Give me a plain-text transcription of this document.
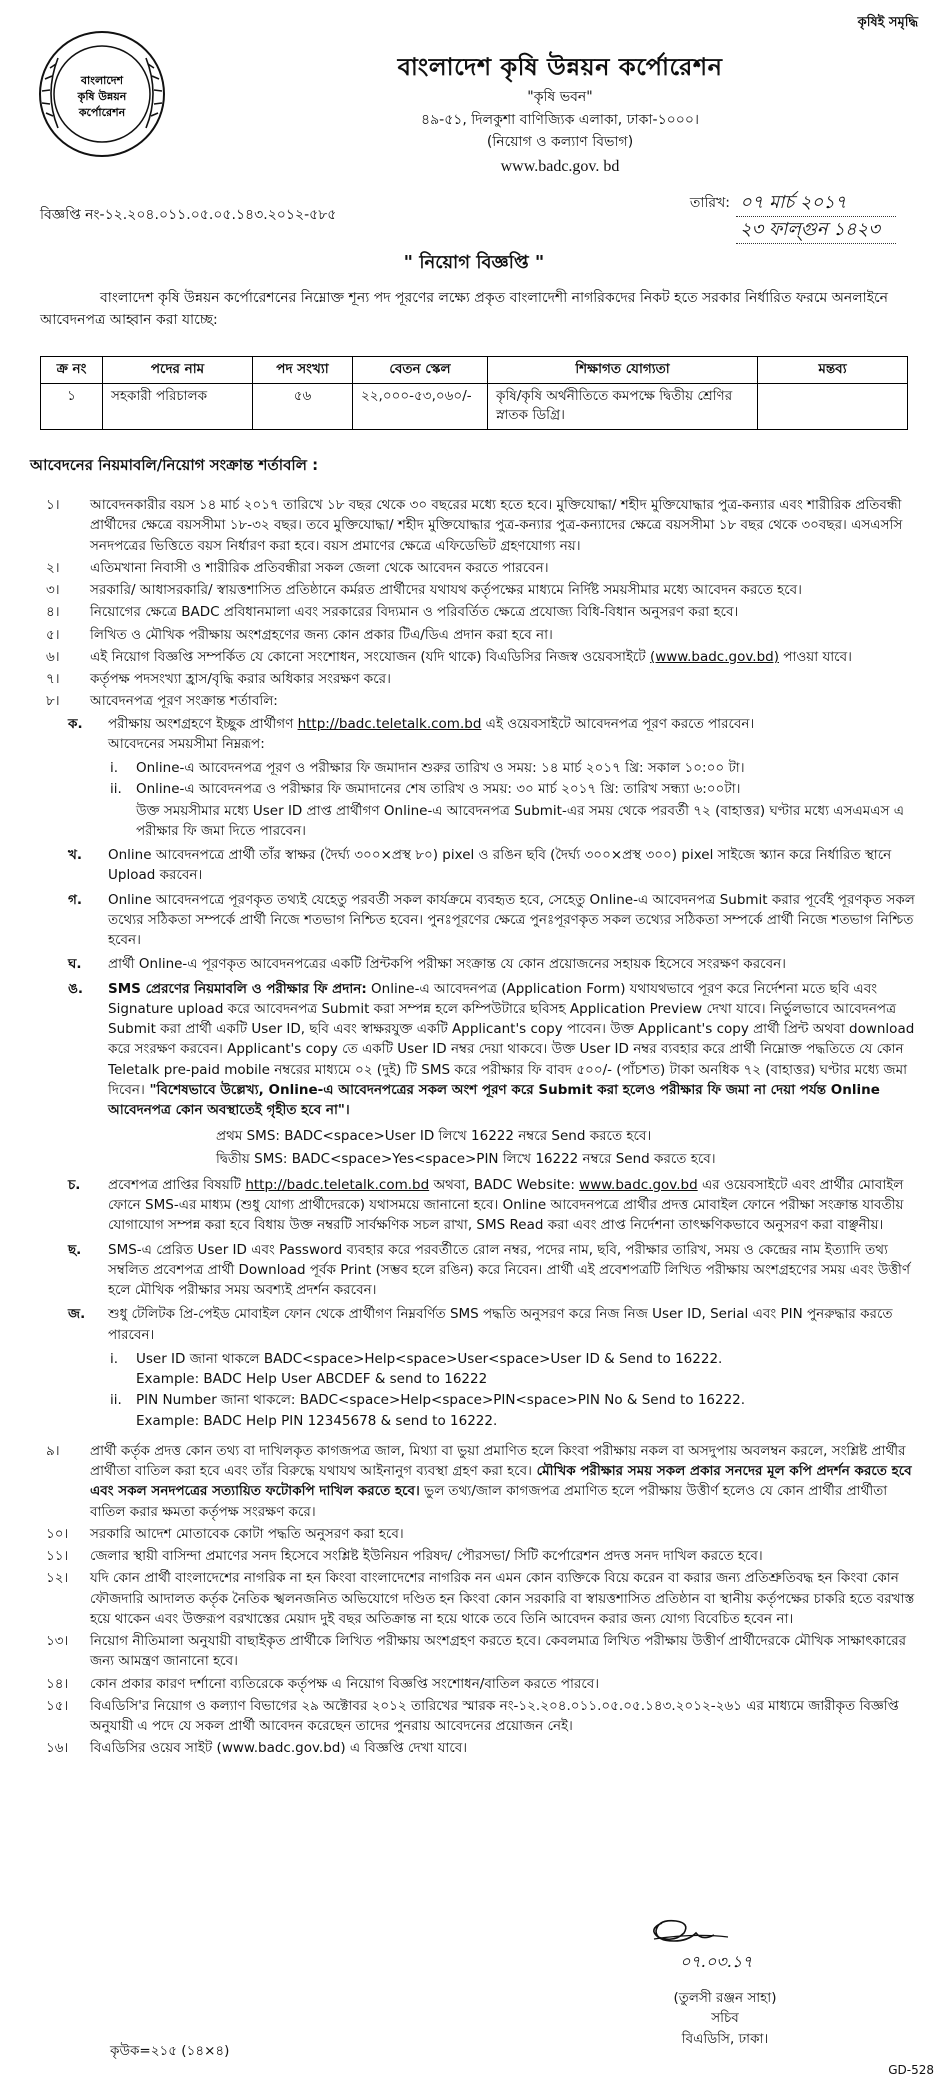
বাংলাদেশ
কৃষি উন্নয়ন
কর্পোরেশন
কৃষিই সমৃদ্ধি
বাংলাদেশ কৃষি উন্নয়ন কর্পোরেশন
"কৃষি ভবন"
৪৯-৫১, দিলকুশা বাণিজ্যিক এলাকা, ঢাকা-১০০০।
(নিয়োগ ও কল্যাণ বিভাগ)
www.badc.gov. bd
বিজ্ঞপ্তি নং-১২.২০৪.০১১.০৫.০৫.১৪৩.২০১২-৫৮৫
তারিখ: ০৭ মার্চ ২০১৭
২৩ ফাল্গুন ১৪২৩
" নিয়োগ বিজ্ঞপ্তি "
বাংলাদেশ কৃষি উন্নয়ন কর্পোরেশনের নিম্নোক্ত শূন্য পদ পূরণের লক্ষ্যে প্রকৃত বাংলাদেশী নাগরিকদের নিকট হতে সরকার নির্ধারিত ফরমে অনলাইনে আবেদনপত্র আহ্বান করা যাচ্ছে:
ক্র নং	পদের নাম	পদ সংখ্যা	বেতন স্কেল	শিক্ষাগত যোগ্যতা	মন্তব্য
১	সহকারী পরিচালক	৫৬	২২,০০০-৫৩,০৬০/-	কৃষি/কৃষি অর্থনীতিতে কমপক্ষে দ্বিতীয় শ্রেণির স্নাতক ডিগ্রি।	
আবেদনের নিয়মাবলি/নিয়োগ সংক্রান্ত শর্তাবলি :
১।	আবেদনকারীর বয়স ১৪ মার্চ ২০১৭ তারিখে ১৮ বছর থেকে ৩০ বছরের মধ্যে হতে হবে। মুক্তিযোদ্ধা/ শহীদ মুক্তিযোদ্ধার পুত্র-কন্যার এবং শারীরিক প্রতিবন্ধী প্রার্থীদের ক্ষেত্রে বয়সসীমা ১৮-৩২ বছর। তবে মুক্তিযোদ্ধা/ শহীদ মুক্তিযোদ্ধার পুত্র-কন্যার পুত্র-কন্যাদের ক্ষেত্রে বয়সসীমা ১৮ বছর থেকে ৩০বছর। এসএসসি সনদপত্রের ভিত্তিতে বয়স নির্ধারণ করা হবে। বয়স প্রমাণের ক্ষেত্রে এফিডেভিট গ্রহণযোগ্য নয়।
২।	এতিমখানা নিবাসী ও শারীরিক প্রতিবন্ধীরা সকল জেলা থেকে আবেদন করতে পারবেন।
৩।	সরকারি/ আধাসরকারি/ স্বায়ত্তশাসিত প্রতিষ্ঠানে কর্মরত প্রার্থীদের যথাযথ কর্তৃপক্ষের মাধ্যমে নির্দিষ্ট সময়সীমার মধ্যে আবেদন করতে হবে।
৪।	নিয়োগের ক্ষেত্রে BADC প্রবিধানমালা এবং সরকারের বিদ্যমান ও পরিবর্তিত ক্ষেত্রে প্রযোজ্য বিধি-বিধান অনুসরণ করা হবে।
৫।	লিখিত ও মৌখিক পরীক্ষায় অংশগ্রহণের জন্য কোন প্রকার টিএ/ডিএ প্রদান করা হবে না।
৬।	এই নিয়োগ বিজ্ঞপ্তি সম্পর্কিত যে কোনো সংশোধন, সংযোজন (যদি থাকে) বিএডিসির নিজস্ব ওয়েবসাইটে (www.badc.gov.bd) পাওয়া যাবে।
৭।	কর্তৃপক্ষ পদসংখ্যা হ্রাস/বৃদ্ধি করার অধিকার সংরক্ষণ করে।
৮।	আবেদনপত্র পূরণ সংক্রান্ত শর্তাবলি:
ক.	পরীক্ষায় অংশগ্রহণে ইচ্ছুক প্রার্থীগণ http://badc.teletalk.com.bd এই ওয়েবসাইটে আবেদনপত্র পূরণ করতে পারবেন।
আবেদনের সময়সীমা নিম্নরূপ:
i.	Online-এ আবেদনপত্র পূরণ ও পরীক্ষার ফি জমাদান শুরুর তারিখ ও সময়: ১৪ মার্চ ২০১৭ খ্রি: সকাল ১০:০০ টা।
ii.	Online-এ আবেদনপত্র ও পরীক্ষার ফি জমাদানের শেষ তারিখ ও সময়: ৩০ মার্চ ২০১৭ খ্রি: তারিখ সন্ধ্যা ৬:০০টা।
উক্ত সময়সীমার মধ্যে User ID প্রাপ্ত প্রার্থীগণ Online-এ আবেদনপত্র Submit-এর সময় থেকে পরবর্তী ৭২ (বাহাত্তর) ঘণ্টার মধ্যে এসএমএস এ পরীক্ষার ফি জমা দিতে পারবেন।
খ.	Online আবেদনপত্রে প্রার্থী তাঁর স্বাক্ষর (দৈর্ঘ্য ৩০০×প্রস্থ ৮০) pixel ও রঙিন ছবি (দৈর্ঘ্য ৩০০×প্রস্থ ৩০০) pixel সাইজে স্ক্যান করে নির্ধারিত স্থানে Upload করবেন।
গ.	Online আবেদনপত্রে পূরণকৃত তথ্যই যেহেতু পরবর্তী সকল কার্যক্রমে ব্যবহৃত হবে, সেহেতু Online-এ আবেদনপত্র Submit করার পূর্বেই পূরণকৃত সকল তথ্যের সঠিকতা সম্পর্কে প্রার্থী নিজে শতভাগ নিশ্চিত হবেন। পুনঃপূরণের ক্ষেত্রে পুনঃপূরণকৃত সকল তথ্যের সঠিকতা সম্পর্কে প্রার্থী নিজে শতভাগ নিশ্চিত হবেন।
ঘ.	প্রার্থী Online-এ পূরণকৃত আবেদনপত্রের একটি প্রিন্টকপি পরীক্ষা সংক্রান্ত যে কোন প্রয়োজনের সহায়ক হিসেবে সংরক্ষণ করবেন।
ঙ.	SMS প্রেরণের নিয়মাবলি ও পরীক্ষার ফি প্রদান: Online-এ আবেদনপত্র (Application Form) যথাযথভাবে পূরণ করে নির্দেশনা মতে ছবি এবং Signature upload করে আবেদনপত্র Submit করা সম্পন্ন হলে কম্পিউটারে ছবিসহ Application Preview দেখা যাবে। নির্ভুলভাবে আবেদনপত্র Submit করা প্রার্থী একটি User ID, ছবি এবং স্বাক্ষরযুক্ত একটি Applicant's copy পাবেন। উক্ত Applicant's copy প্রার্থী প্রিন্ট অথবা download করে সংরক্ষণ করবেন। Applicant's copy তে একটি User ID নম্বর দেয়া থাকবে। উক্ত User ID নম্বর ব্যবহার করে প্রার্থী নিম্নোক্ত পদ্ধতিতে যে কোন Teletalk pre-paid mobile নম্বরের মাধ্যমে ০২ (দুই) টি SMS করে পরীক্ষার ফি বাবদ ৫০০/- (পাঁচশত) টাকা অনধিক ৭২ (বাহাত্তর) ঘণ্টার মধ্যে জমা দিবেন। "বিশেষভাবে উল্লেখ্য, Online-এ আবেদনপত্রের সকল অংশ পূরণ করে Submit করা হলেও পরীক্ষার ফি জমা না দেয়া পর্যন্ত Online আবেদনপত্র কোন অবস্থাতেই গৃহীত হবে না"।
প্রথম SMS: BADC<space>User ID লিখে 16222 নম্বরে Send করতে হবে।
দ্বিতীয় SMS: BADC<space>Yes<space>PIN লিখে 16222 নম্বরে Send করতে হবে।
চ.	প্রবেশপত্র প্রাপ্তির বিষয়টি http://badc.teletalk.com.bd অথবা, BADC Website: www.badc.gov.bd এর ওয়েবসাইটে এবং প্রার্থীর মোবাইল ফোনে SMS-এর মাধ্যম (শুধু যোগ্য প্রার্থীদেরকে) যথাসময়ে জানানো হবে। Online আবেদনপত্রে প্রার্থীর প্রদত্ত মোবাইল ফোনে পরীক্ষা সংক্রান্ত যাবতীয় যোগাযোগ সম্পন্ন করা হবে বিধায় উক্ত নম্বরটি সার্বক্ষণিক সচল রাখা, SMS Read করা এবং প্রাপ্ত নির্দেশনা তাৎক্ষণিকভাবে অনুসরণ করা বাঞ্ছনীয়।
ছ.	SMS-এ প্রেরিত User ID এবং Password ব্যবহার করে পরবর্তীতে রোল নম্বর, পদের নাম, ছবি, পরীক্ষার তারিখ, সময় ও কেন্দ্রের নাম ইত্যাদি তথ্য সম্বলিত প্রবেশপত্র প্রার্থী Download পূর্বক Print (সম্ভব হলে রঙিন) করে নিবেন। প্রার্থী এই প্রবেশপত্রটি লিখিত পরীক্ষায় অংশগ্রহণের সময় এবং উত্তীর্ণ হলে মৌখিক পরীক্ষার সময় অবশ্যই প্রদর্শন করবেন।
জ.	শুধু টেলিটক প্রি-পেইড মোবাইল ফোন থেকে প্রার্থীগণ নিম্নবর্ণিত SMS পদ্ধতি অনুসরণ করে নিজ নিজ User ID, Serial এবং PIN পুনরুদ্ধার করতে পারবেন।
i.	User ID জানা থাকলে BADC<space>Help<space>User<space>User ID & Send to 16222.
Example: BADC Help User ABCDEF & send to 16222
ii.	PIN Number জানা থাকলে: BADC<space>Help<space>PIN<space>PIN No & Send to 16222.
Example: BADC Help PIN 12345678 & send to 16222.
৯।	প্রার্থী কর্তৃক প্রদত্ত কোন তথ্য বা দাখিলকৃত কাগজপত্র জাল, মিথ্যা বা ভুয়া প্রমাণিত হলে কিংবা পরীক্ষায় নকল বা অসদুপায় অবলম্বন করলে, সংশ্লিষ্ট প্রার্থীর প্রার্থীতা বাতিল করা হবে এবং তাঁর বিরুদ্ধে যথাযথ আইনানুগ ব্যবস্থা গ্রহণ করা হবে। মৌখিক পরীক্ষার সময় সকল প্রকার সনদের মূল কপি প্রদর্শন করতে হবে এবং সকল সনদপত্রের সত্যায়িত ফটোকপি দাখিল করতে হবে। ভুল তথ্য/জাল কাগজপত্র প্রমাণিত হলে পরীক্ষায় উত্তীর্ণ হলেও যে কোন প্রার্থীর প্রার্থীতা বাতিল করার ক্ষমতা কর্তৃপক্ষ সংরক্ষণ করে।
১০।	সরকারি আদেশ মোতাবেক কোটা পদ্ধতি অনুসরণ করা হবে।
১১।	জেলার স্থায়ী বাসিন্দা প্রমাণের সনদ হিসেবে সংশ্লিষ্ট ইউনিয়ন পরিষদ/ পৌরসভা/ সিটি কর্পোরেশন প্রদত্ত সনদ দাখিল করতে হবে।
১২।	যদি কোন প্রার্থী বাংলাদেশের নাগরিক না হন কিংবা বাংলাদেশের নাগরিক নন এমন কোন ব্যক্তিকে বিয়ে করেন বা করার জন্য প্রতিশ্রুতিবদ্ধ হন কিংবা কোন ফৌজদারি আদালত কর্তৃক নৈতিক স্খলনজনিত অভিযোগে দণ্ডিত হন কিংবা কোন সরকারি বা স্বায়ত্তশাসিত প্রতিষ্ঠান বা স্থানীয় কর্তৃপক্ষের চাকরি হতে বরখাস্ত হয়ে থাকেন এবং উক্তরূপ বরখাস্তের মেয়াদ দুই বছর অতিক্রান্ত না হয়ে থাকে তবে তিনি আবেদন করার জন্য যোগ্য বিবেচিত হবেন না।
১৩।	নিয়োগ নীতিমালা অনুযায়ী বাছাইকৃত প্রার্থীকে লিখিত পরীক্ষায় অংশগ্রহণ করতে হবে। কেবলমাত্র লিখিত পরীক্ষায় উত্তীর্ণ প্রার্থীদেরকে মৌখিক সাক্ষাৎকারের জন্য আমন্ত্রণ জানানো হবে।
১৪।	কোন প্রকার কারণ দর্শানো ব্যতিরেকে কর্তৃপক্ষ এ নিয়োগ বিজ্ঞপ্তি সংশোধন/বাতিল করতে পারবে।
১৫।	বিএডিসি'র নিয়োগ ও কল্যাণ বিভাগের ২৯ অক্টোবর ২০১২ তারিখের স্মারক নং-১২.২০৪.০১১.০৫.০৫.১৪৩.২০১২-২৬১ এর মাধ্যমে জারীকৃত বিজ্ঞপ্তি অনুযায়ী এ পদে যে সকল প্রার্থী আবেদন করেছেন তাদের পুনরায় আবেদনের প্রয়োজন নেই।
১৬।	বিএডিসির ওয়েব সাইট (www.badc.gov.bd) এ বিজ্ঞপ্তি দেখা যাবে।
০৭.০৩.১৭
(তুলসী রঞ্জন সাহা)
সচিব
বিএডিসি, ঢাকা।
কৃউক=২১৫ (১৪×৪)
GD-528
